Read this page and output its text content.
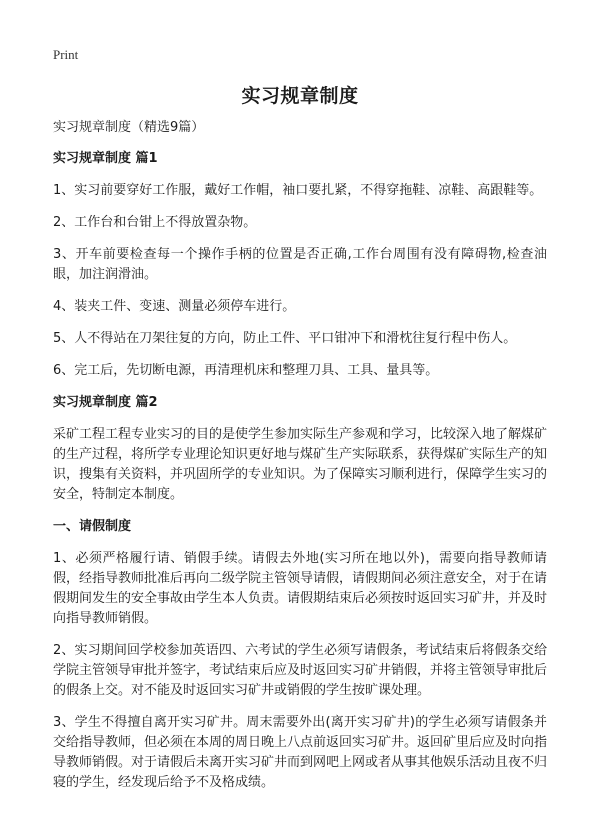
Print
实习规章制度
实习规章制度（精选9篇）
实习规章制度 篇1

1、实习前要穿好工作服，戴好工作帽，袖口要扎紧，不得穿拖鞋、凉鞋、高跟鞋等。

2、工作台和台钳上不得放置杂物。

3、开车前要检查每一个操作手柄的位置是否正确,工作台周围有没有障碍物,检查油眼，加注润滑油。

4、装夹工件、变速、测量必须停车进行。

5、人不得站在刀架往复的方向，防止工件、平口钳冲下和滑枕往复行程中伤人。

6、完工后，先切断电源，再清理机床和整理刀具、工具、量具等。

实习规章制度 篇2

采矿工程工程专业实习的目的是使学生参加实际生产参观和学习，比较深入地了解煤矿的生产过程，将所学专业理论知识更好地与煤矿生产实际联系，获得煤矿实际生产的知识，搜集有关资料，并巩固所学的专业知识。为了保障实习顺利进行，保障学生实习的安全，特制定本制度。

一、请假制度

1、必须严格履行请、销假手续。请假去外地(实习所在地以外)，需要向指导教师请假，经指导教师批准后再向二级学院主管领导请假，请假期间必须注意安全，对于在请假期间发生的安全事故由学生本人负责。请假期结束后必须按时返回实习矿井，并及时向指导教师销假。

2、实习期间回学校参加英语四、六考试的学生必须写请假条，考试结束后将假条交给学院主管领导审批并签字，考试结束后应及时返回实习矿井销假，并将主管领导审批后的假条上交。对不能及时返回实习矿井或销假的学生按旷课处理。

3、学生不得擅自离开实习矿井。周末需要外出(离开实习矿井)的学生必须写请假条并交给指导教师，但必须在本周的周日晚上八点前返回实习矿井。返回矿里后应及时向指导教师销假。对于请假后未离开实习矿井而到网吧上网或者从事其他娱乐活动且夜不归寝的学生，经发现后给予不及格成绩。
